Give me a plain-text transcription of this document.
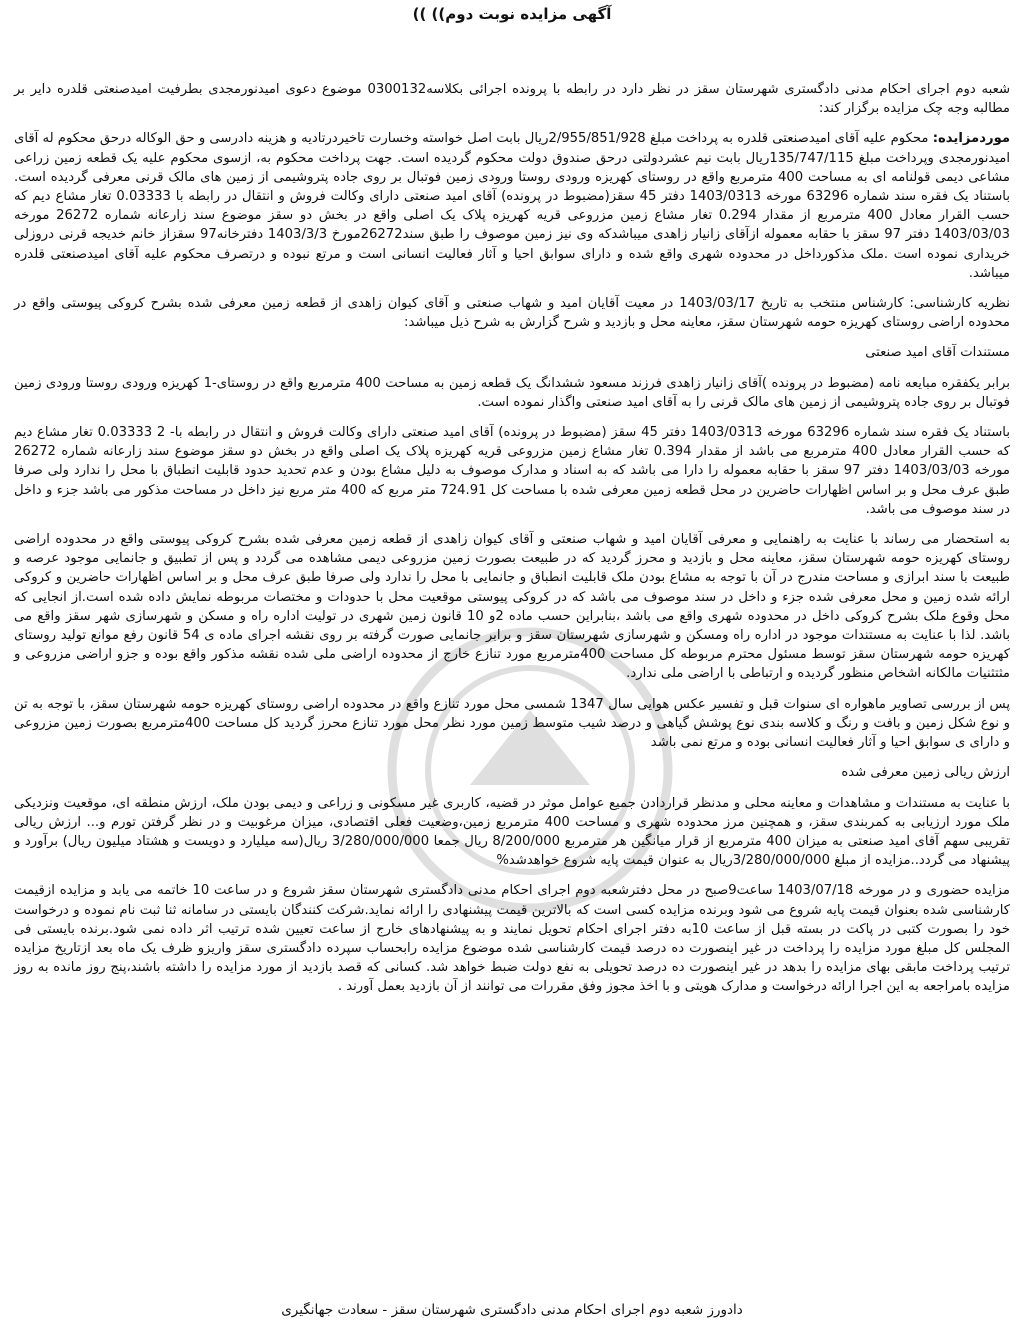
آگهی مزایده نوبت دوم)) ))

شعبه دوم اجرای احکام مدنی دادگستری شهرستان سقز در نظر دارد در رابطه با پرونده اجرائی بکلاسه0300132 موضوع دعوی امیدنورمجدی بطرفیت امیدصنعتی قلدره دایر بر مطالبه وجه چک مزایده برگزار کند:

موردمزایده: محکوم علیه آقای امیدصنعتی قلدره به پرداخت مبلغ 2/955/851/928ریال بابت اصل خواسته وخسارت تاخیردرتادیه و هزینه دادرسی و حق الوکاله درحق محکوم له آقای امیدنورمجدی وپرداخت مبلغ 135/747/115ریال بابت نیم عشردولتی درحق صندوق دولت محکوم گردیده است. جهت پرداخت محکوم به، ازسوی محکوم علیه یک قطعه زمین زراعی مشاعی دیمی قولنامه ای به مساحت 400 مترمربع واقع در روستای کهریزه ورودی روستا ورودی زمین فوتبال بر روی جاده پتروشیمی از زمین های مالک قرنی معرفی گردیده است. باستناد یک فقره سند شماره 63296 مورخه 1403/0313 دفتر 45 سقز(مضبوط در پرونده) آقای امید صنعتی دارای وکالت فروش و انتقال در رابطه با 0.03333 تغار مشاع دیم که حسب القرار معادل 400 مترمربع از مقدار 0.294 تغار مشاع زمین مزروعی قریه کهریزه پلاک یک اصلی واقع در بخش دو سقز موضوع سند زارعانه شماره 26272 مورخه 1403/03/03 دفتر 97 سقز با حقابه معموله ازآقای زانیار زاهدی میباشدکه وی نیز زمین موصوف را طبق سند26272مورخ 1403/3/3 دفترخانه97 سقزاز خانم خدیجه قرنی دروزلی خریداری نموده است .ملک مذکورداخل در محدوده شهری واقع شده و دارای سوابق احیا و آثار فعالیت انسانی است و مرتع نبوده و درتصرف محکوم علیه آقای امیدصنعتی قلدره میباشد.

نظریه کارشناسی: کارشناس منتخب به تاریخ 1403/03/17 در معیت آقایان امید و شهاب صنعتی و آقای کیوان زاهدی از قطعه زمین معرفی شده بشرح کروکی پیوستی واقع در محدوده اراضی روستای کهریزه حومه شهرستان سقز، معاینه محل و بازدید و شرح گزارش به شرح ذیل میباشد:

مستندات آقای امید صنعتی

برابر یکفقره مبایعه نامه (مضبوط در پرونده )آقای زانیار زاهدی فرزند مسعود ششدانگ یک قطعه زمین به مساحت 400 مترمربع واقع در روستای-1 کهریزه ورودی روستا ورودی زمین فوتبال بر روی جاده پتروشیمی از زمین های مالک قرنی را به آقای امید صنعتی واگذار نموده است.

باستناد یک فقره سند شماره 63296 مورخه 1403/0313 دفتر 45 سقز (مضبوط در پرونده) آقای امید صنعتی دارای وکالت فروش و انتقال در رابطه با- 2 0.03333 تغار مشاع دیم که حسب القرار معادل 400 مترمربع می باشد از مقدار 0.394 تغار مشاع زمین مزروعی قریه کهریزه پلاک یک اصلی واقع در بخش دو سقز موضوع سند زارعانه شماره 26272 مورخه 1403/03/03 دفتر 97 سقز با حقابه معموله را دارا می باشد که به اسناد و مدارک موصوف به دلیل مشاع بودن و عدم تحدید حدود قابلیت انطباق با محل را ندارد ولی صرفا طبق عرف محل و بر اساس اظهارات حاضرین در محل قطعه زمین معرفی شده با مساحت کل 724.91 متر مربع که 400 متر مربع نیز داخل در مساحت مذکور می باشد جزء و داخل در سند موصوف می باشد.

به استحضار می رساند با عنایت به راهنمایی و معرفی آقایان امید و شهاب صنعتی و آقای کیوان زاهدی از قطعه زمین معرفی شده بشرح کروکی پیوستی واقع در محدوده اراضی روستای کهریزه حومه شهرستان سقز، معاینه محل و بازدید و محرز گردید که در طبیعت بصورت زمین مزروعی دیمی مشاهده می گردد و پس از تطبیق و جانمایی موجود عرصه و طبیعت با سند ابرازی و مساحت مندرج در آن با توجه به مشاع بودن ملک قابلیت انطباق و جانمایی با محل را ندارد ولی صرفا طبق عرف محل و بر اساس اظهارات حاضرین و کروکی ارائه شده زمین و محل معرفی شده جزء و داخل در سند موصوف می باشد که در کروکی پیوستی موقعیت محل با حدودات و مختصات مربوطه نمایش داده شده است.از انجایی که محل وقوع ملک بشرح کروکی داخل در محدوده شهری واقع می باشد ،بنابراین حسب ماده 2و 10 قانون زمین شهری در تولیت اداره راه و مسکن و شهرسازی شهر سقز واقع می باشد. لذا با عنایت به مستندات موجود در اداره راه ومسکن و شهرسازی شهرستان سقز و برابر جانمایی صورت گرفته بر روی نقشه اجرای ماده ی 54 قانون رفع موانع تولید روستای کهریزه حومه شهرستان سقز توسط مسئول محترم مربوطه کل مساحت 400مترمربع مورد تنازع خارج از محدوده اراضی ملی شده نقشه مذکور واقع بوده و جزو اراضی مزروعی و مثتثنیات مالکانه اشخاص منظور گردیده و ارتباطی با اراضی ملی ندارد.

پس از بررسی تصاویر ماهواره ای سنوات قبل و تفسیر عکس هوایی سال 1347 شمسی محل مورد تنازع واقع در محدوده اراضی روستای کهریزه حومه شهرستان سقز، با توجه به تن و نوع شکل زمین و بافت و رنگ و کلاسه بندی نوع پوشش گیاهی و درصد شیب متوسط زمین مورد نظر محل مورد تنازع محرز گردید کل مساحت 400مترمربع بصورت زمین مزروعی و دارای ی سوابق احیا و آثار فعالیت انسانی بوده و مرتع نمی باشد

ارزش ریالی زمین معرفی شده

با عنایت به مستندات و مشاهدات و معاینه محلی و مدنظر قراردادن جمیع عوامل موثر در قضیه، کاربری غیر مسکونی و زراعی و دیمی بودن ملک، ارزش منطقه ای، موقعیت ونزدیکی ملک مورد ارزیابی به کمربندی سقز، و همچنین مرز محدوده شهری و مساحت 400 مترمربع زمین،وضعیت فعلی اقتصادی، میزان مرغوبیت و در نظر گرفتن تورم و... ارزش ریالی تقریبی سهم آقای امید صنعتی به میزان 400 مترمربع از قرار میانگین هر مترمربع 8/200/000 ریال جمعا 3/280/000/000 ریال(سه میلیارد و دویست و هشتاد میلیون ریال) برآورد و پیشنهاد می گردد..مزایده از مبلغ 3/280/000/000ریال به عنوان قیمت پایه شروع خواهدشد%

مزایده حضوری و در مورخه 1403/07/18 ساعت9صبح در محل دفترشعبه دوم اجرای احکام مدنی دادگستری شهرستان سقز شروع و در ساعت 10 خاتمه می یابد و مزایده ازقیمت کارشناسی شده بعنوان قیمت پایه شروع می شود وبرنده مزایده کسی است که بالاترین قیمت پیشنهادی را ارائه نماید.شرکت کنندگان بایستی در سامانه ثنا ثبت نام نموده و درخواست خود را بصورت کتبی در پاکت در بسته قبل از ساعت 10به دفتر اجرای احکام تحویل نمایند و به پیشنهادهای خارج از ساعت تعیین شده ترتیب اثر داده نمی شود.برنده بایستی فی المجلس کل مبلغ مورد مزایده را پرداخت در غیر اینصورت ده درصد قیمت کارشناسی شده موضوع مزایده رابحساب سپرده دادگستری سقز واریزو ظرف یک ماه بعد ازتاریخ مزایده ترتیب پرداخت مابقی بهای مزایده را بدهد در غیر اینصورت ده درصد تحویلی به نفع دولت ضبط خواهد شد. کسانی که قصد بازدید از مورد مزایده را داشته باشند،پنج روز مانده به روز مزایده بامراجعه به این اجرا ارائه درخواست و مدارک هویتی و با اخذ مجوز وفق مقررات می توانند از آن بازدید بعمل آورند .

دادورز شعبه دوم اجرای احکام مدنی دادگستری شهرستان سقز - سعادت جهانگیری
